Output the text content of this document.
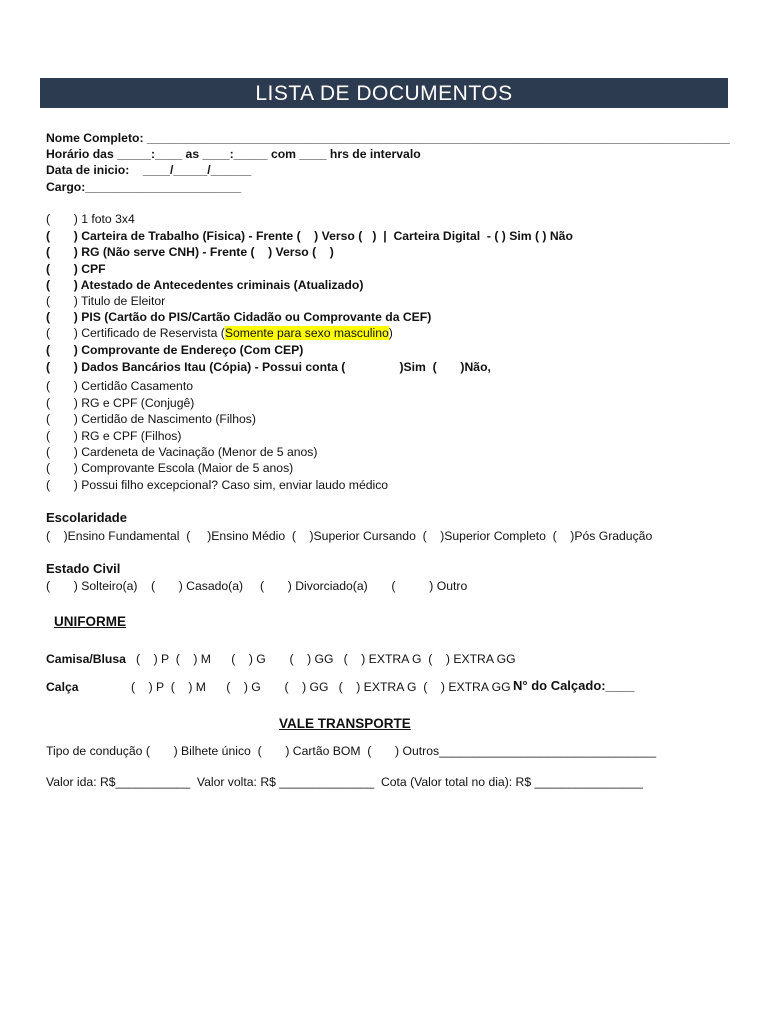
LISTA DE DOCUMENTOS
Nome Completo: ______________________________________________________________________________________
Horário das _____:____ as ____:_____ com ____ hrs de intervalo
Data de inicio:    ____/_____/______
Cargo:_______________________
(       ) 1 foto 3x4
(       ) Carteira de Trabalho (Fisica) - Frente (    ) Verso (   )  |  Carteira Digital  - ( ) Sim ( ) Não
(       ) RG (Não serve CNH) - Frente (    ) Verso (    )
(       ) CPF
(       ) Atestado de Antecedentes criminais (Atualizado)
(       ) Titulo de Eleitor
(       ) PIS (Cartão do PIS/Cartão Cidadão ou Comprovante da CEF)
(       ) Certificado de Reservista (Somente para sexo masculino)
(       ) Comprovante de Endereço (Com CEP)
(       ) Dados Bancários Itau (Cópia) - Possui conta (                )Sim  (       )Não,
(       ) Certidão Casamento
(       ) RG e CPF (Conjugê)
(       ) Certidão de Nascimento (Filhos)
(       ) RG e CPF (Filhos)
(       ) Cardeneta de Vacinação (Menor de 5 anos)
(       ) Comprovante Escola (Maior de 5 anos)
(       ) Possui filho excepcional? Caso sim, enviar laudo médico
Escolaridade
(    )Ensino Fundamental  (     )Ensino Médio  (    )Superior Cursando  (    )Superior Completo  (    )Pós Gradução
Estado Civil
(       ) Solteiro(a)    (       ) Casado(a)     (       ) Divorciado(a)       (          ) Outro
UNIFORME
Camisa/Blusa (    ) P  (    ) M      (    ) G       (    ) GG   (    ) EXTRA G  (    ) EXTRA GG
Calça	(    ) P  (    ) M      (    ) G       (    ) GG   (    ) EXTRA G  (    ) EXTRA GG N° do Calçado:____
VALE TRANSPORTE
Tipo de condução (       ) Bilhete único  (       ) Cartão BOM  (       ) Outros________________________________
Valor ida: R$___________  Valor volta: R$ ______________  Cota (Valor total no dia): R$ ________________
